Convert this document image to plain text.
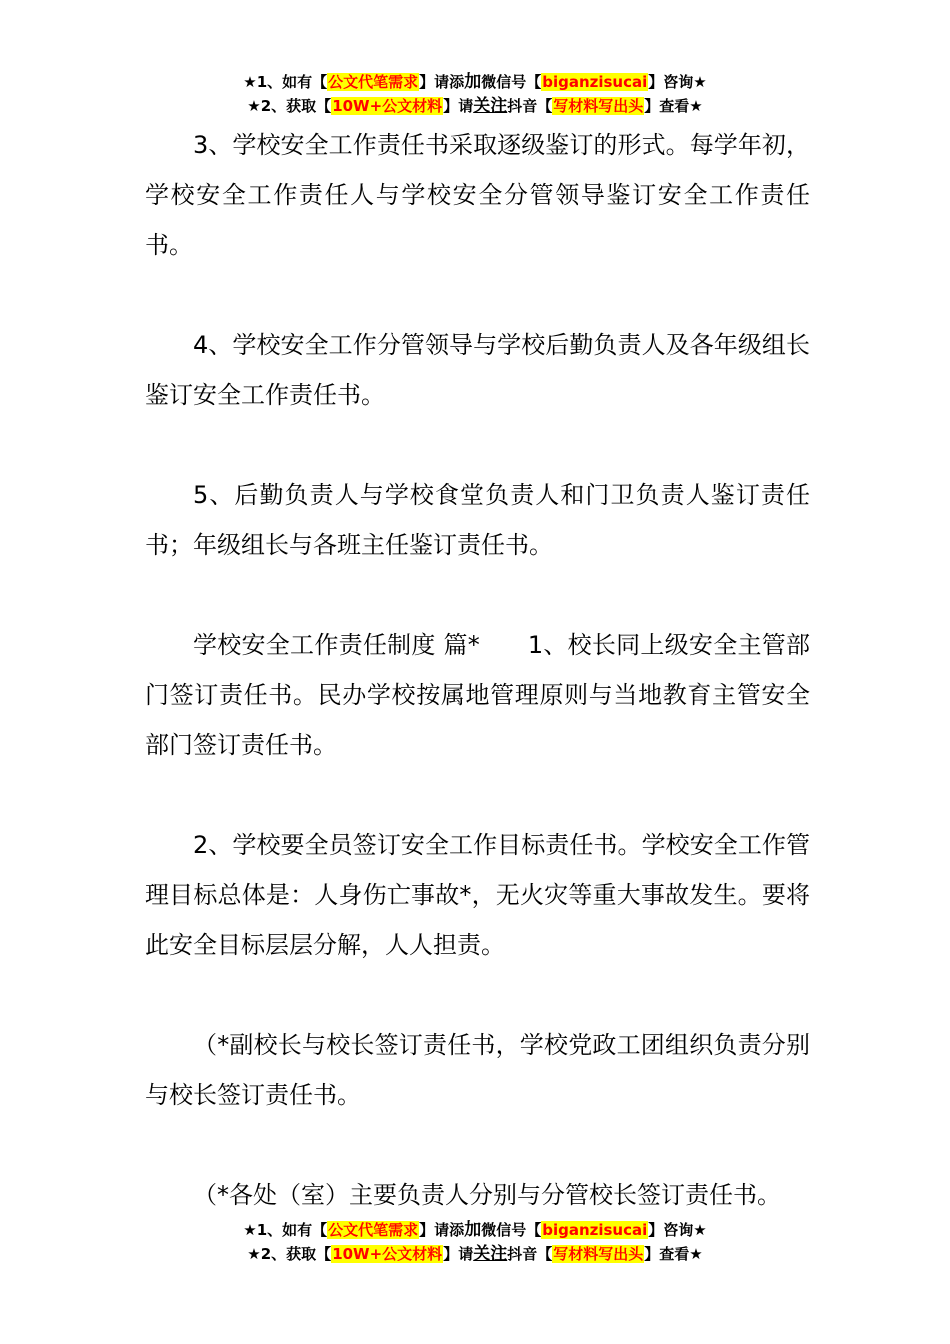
★1、如有【公文代笔需求】请添加微信号【biganzisucai】咨询★
★2、获取【10W+公文材料】请关注抖音【写材料写出头】查看★

3、学校安全工作责任书采取逐级鉴订的形式。每学年初，学校安全工作责任人与学校安全分管领导鉴订安全工作责任书。

4、学校安全工作分管领导与学校后勤负责人及各年级组长鉴订安全工作责任书。

5、后勤负责人与学校食堂负责人和门卫负责人鉴订责任书；年级组长与各班主任鉴订责任书。

学校安全工作责任制度 篇* 1、校长同上级安全主管部门签订责任书。民办学校按属地管理原则与当地教育主管安全部门签订责任书。

2、学校要全员签订安全工作目标责任书。学校安全工作管理目标总体是：人身伤亡事故*，无火灾等重大事故发生。要将此安全目标层层分解，人人担责。

（*副校长与校长签订责任书，学校党政工团组织负责分别与校长签订责任书。

（*各处（室）主要负责人分别与分管校长签订责任书。

★1、如有【公文代笔需求】请添加微信号【biganzisucai】咨询★
★2、获取【10W+公文材料】请关注抖音【写材料写出头】查看★
